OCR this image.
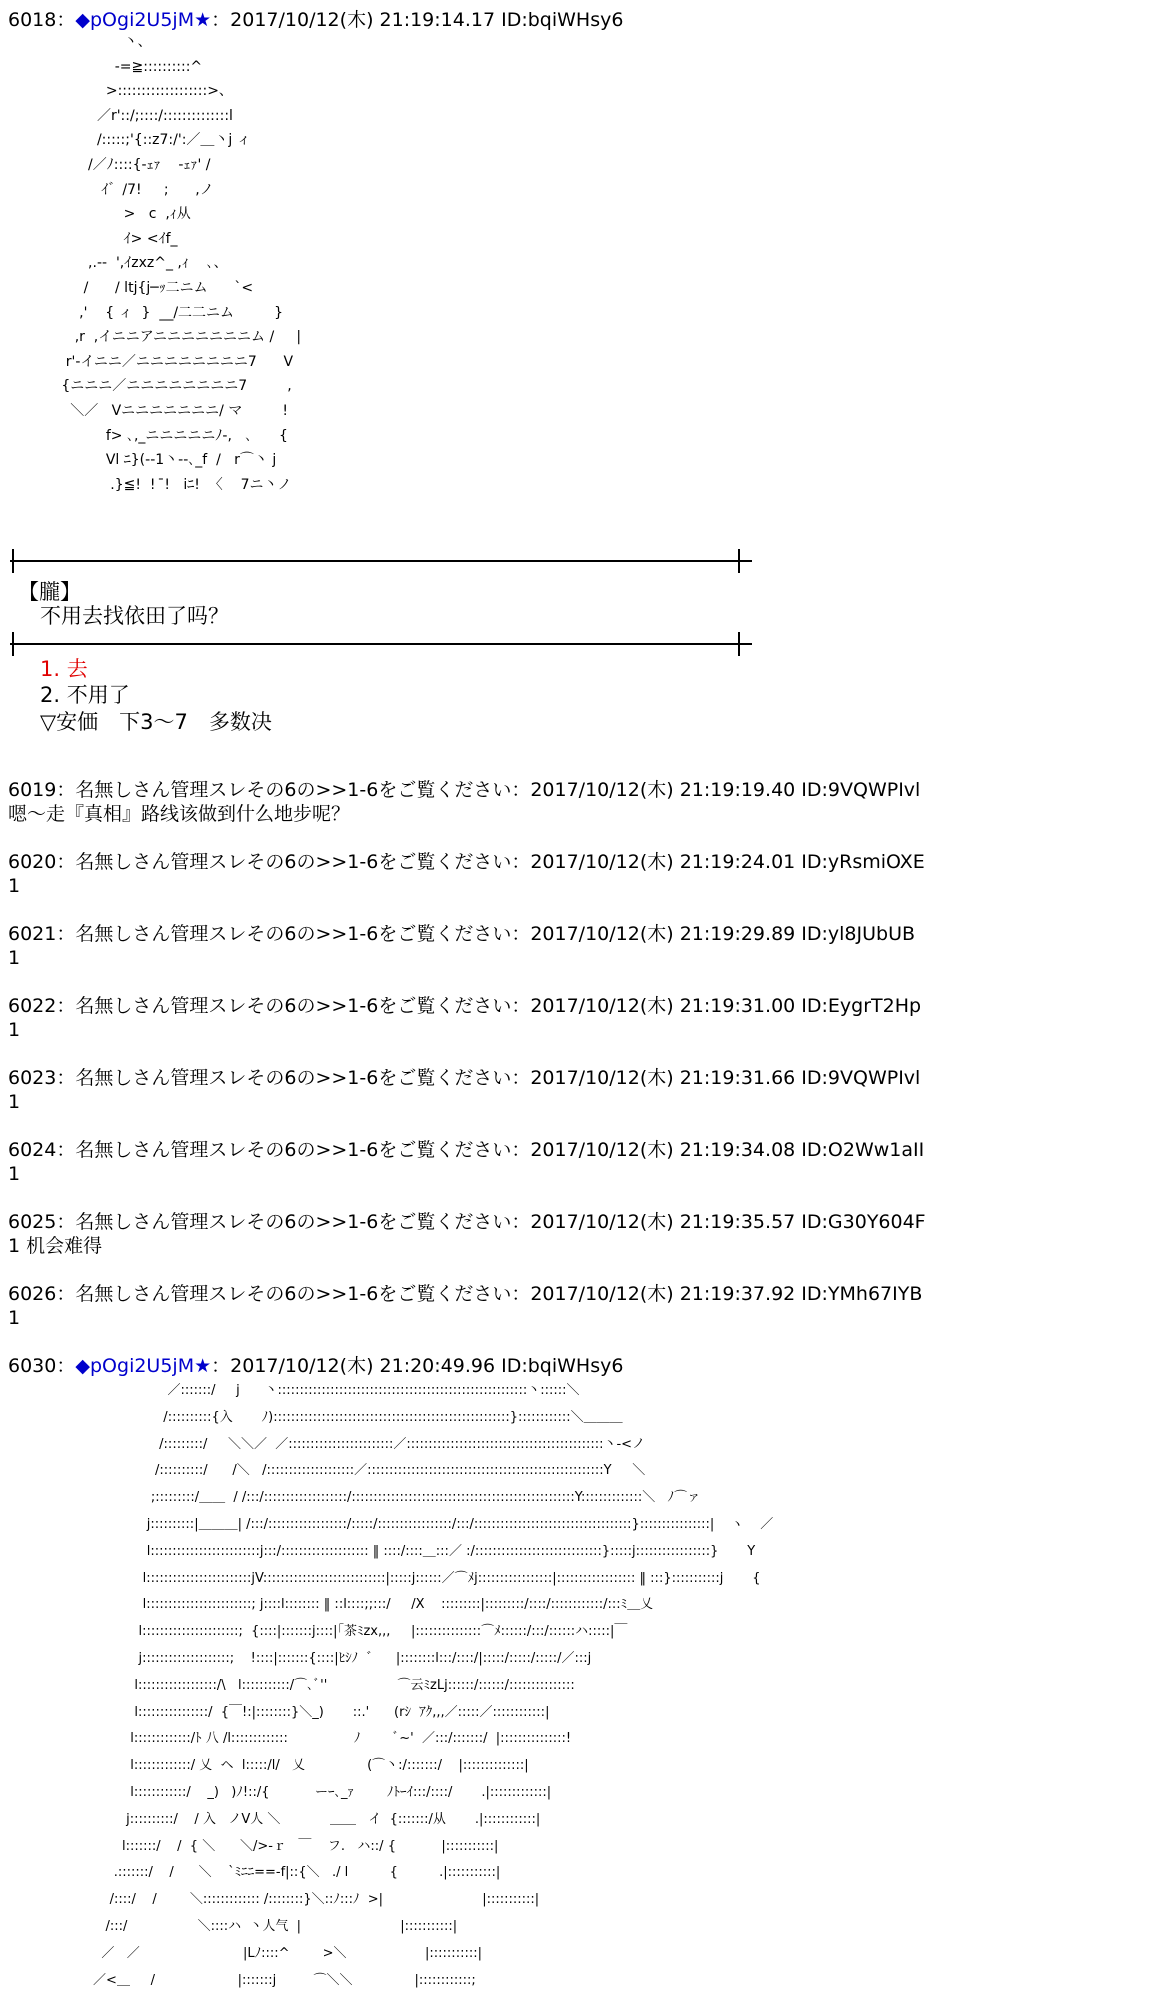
6018：◆pOgi2U5jM★：2017/10/12(木) 21:19:14.17 ID:bqiWHsy6
丶、
-=≧::::::::::^
>:::::::::::::::::::>、
／r'::/;::::/::::::::::::::l
/:::::;'{::z7:/':／＿丶j ィ
/／ﾉ::::{-ｪｧ    -ｪｧ' /
ｲ゛/7!     ;      ,ノ
>   c  ,ｨ从
ｲ> <ｲf_
,.--  ',ｲzxz^_ ,ｨ    ､、
/      / ltj{j─ｯ二ニム      `<
,'    { ィ  }  __/二二ニム         }
,r  ,イニニアニニニニニニニム /     |
r'-イニニ／ニニニニニニニニ7      V
{ニニニ／ニニニニニニニニ7         ,
＼／   Vニニニニニニニ/ マ         !
f> ､,_ニニニニニﾉ-,   ､      {
Vl ﾆ}(--1丶--､_f  /   r⌒丶 j
.}≦!  !  ̄!   iﾆ!  〈    7ニ丶ノ
【朧】
不用去找依田了吗？
1. 去
2. 不用了
▽安価　下3〜7　多数决
6019：名無しさん管理スレその6の>>1-6をご覧ください：2017/10/12(木) 21:19:19.40 ID:9VQWPIvl
嗯〜走『真相』路线该做到什么地步呢？
6020：名無しさん管理スレその6の>>1-6をご覧ください：2017/10/12(木) 21:19:24.01 ID:yRsmiOXE
1
6021：名無しさん管理スレその6の>>1-6をご覧ください：2017/10/12(木) 21:19:29.89 ID:yl8JUbUB
1
6022：名無しさん管理スレその6の>>1-6をご覧ください：2017/10/12(木) 21:19:31.00 ID:EygrT2Hp
1
6023：名無しさん管理スレその6の>>1-6をご覧ください：2017/10/12(木) 21:19:31.66 ID:9VQWPIvl
1
6024：名無しさん管理スレその6の>>1-6をご覧ください：2017/10/12(木) 21:19:34.08 ID:O2Ww1aII
1
6025：名無しさん管理スレその6の>>1-6をご覧ください：2017/10/12(木) 21:19:35.57 ID:G30Y604F
1 机会难得
6026：名無しさん管理スレその6の>>1-6をご覧ください：2017/10/12(木) 21:19:37.92 ID:YMh67IYB
1
6030：◆pOgi2U5jM★：2017/10/12(木) 21:20:49.96 ID:bqiWHsy6
／:::::::/     j      丶:::::::::::::::::::::::::::::::::::::::::::::::::::::::::丶::::::＼
/::::::::::{入       ﾉ)::::::::::::::::::::::::::::::::::::::::::::::::::::::}::::::::::::＼＿＿＿
/:::::::::/     ＼＼／  ／::::::::::::::::::::::::／:::::::::::::::::::::::::::::::::::::::::::::丶-<ノ
/::::::::::/      /＼   /::::::::::::::::::::／::::::::::::::::::::::::::::::::::::::::::::::::::::::Y     ＼
;:::::::::/＿＿  / /:::/:::::::::::::::::::/:::::::::::::::::::::::::::::::::::::::::::::::::::Y::::::::::::::＼   ﾉ⌒ァ
j::::::::::|＿＿＿| /:::/::::::::::::::::::/:::::/:::::::::::::::::/:::/::::::::::::::::::::::::::::::::::::}::::::::::::::::|    ヽ    ／
l:::::::::::::::::::::::::j:::/:::::::::::::::::::: ‖ ::::/::::＿:::／ :/:::::::::::::::::::::::::::::}:::::j:::::::::::::::::}       Y
l::::::::::::::::::::::::jV::::::::::::::::::::::::::::|:::::j::::::／⌒ﾒj:::::::::::::::::|:::::::::::::::::: ‖ :::}:::::::::::j       {
l::::::::::::::::::::::::; j::::l:::::::: ‖ ::l::::;;:::/     /X    :::::::::|:::::::::/::::/::::::::::::/:::ﾐ＿乂
l::::::::::::::::::::::;  {::::|:::::::j::::|｢茶ﾐzx,,,     |:::::::::::::::⌒ﾒ::::::/:::/::::::ハ:::::|￣
j::::::::::::::::::::;    !::::|:::::::{::::|ﾋｼﾉ  ゛    |::::::::l:::/::::/|:::::/:::::/:::::/／:::j
l::::::::::::::::::/\   l:::::::::::/⌒､ﾞ''                 ⌒云ﾐzLj::::::/::::::/:::::::::::::::
l::::::::::::::::/  {￣!:|::::::::}＼_)       ::.'      (rｼ  ｱｸ,,,／:::::／::::::::::::|
l:::::::::::::/ﾄ 八 /l:::::::::::::                ﾉ        ﾞ~'  ／:::/:::::::/  |:::::::::::::::!
l:::::::::::::/ 乂  ヘ  l:::::/l/   乂               (⌒丶:/:::::::/    |::::::::::::::|
l::::::::::::/    _)   )ﾉ!::/{           ーｰ､_ｧ        ﾉﾄｰｲ:::/::::/       .|:::::::::::::|
j::::::::::/    / 入   ノV人 ＼            ＿＿   イ  {:::::::/从       .|::::::::::::|
l:::::::/    /  { ＼      ＼/>-ｒ   ￣    フ.   ハ::/ {           |:::::::::::|
.:::::::/    /      ＼    `ﾐﾆﾆ==-f|::{＼   ./ l          {          .|:::::::::::|
/::::/    /        ＼::::::::::::: /::::::::}＼::ﾉ:::ﾉ  >|                        |:::::::::::|
/:::/                 ＼::::ハ  丶人气  |                        |:::::::::::|
／   ／                         |Lﾉ::::^        >＼                   |:::::::::::|
／<＿     /                    |:::::::j         ⌒＼＼               |::::::::::::;
